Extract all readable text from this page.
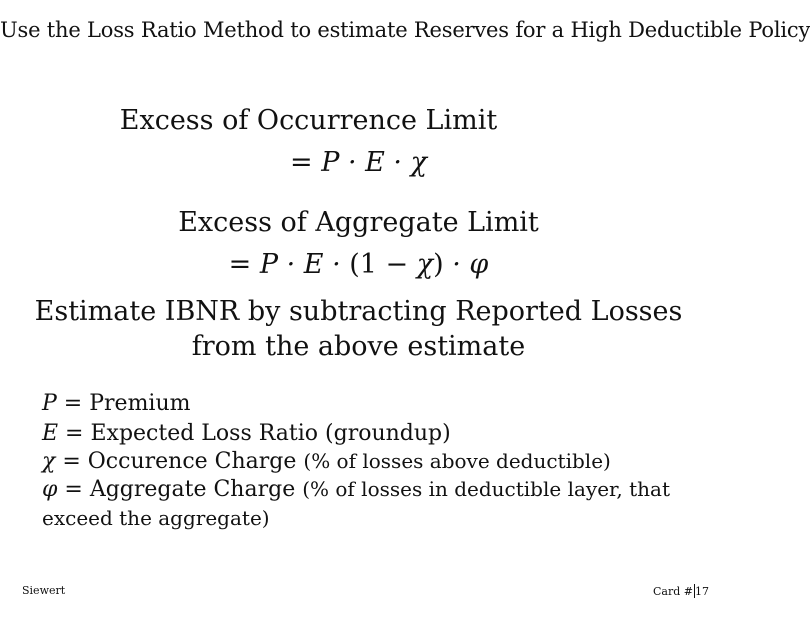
Use the Loss Ratio Method to estimate Reserves for a High Deductible Policy
Excess of Occurrence Limit
= P · E · χ
Excess of Aggregate Limit
= P · E · (1 − χ) · φ
Estimate IBNR by subtracting Reported Losses
from the above estimate
P = Premium
E = Expected Loss Ratio (groundup)
χ = Occurence Charge (% of losses above deductible)
φ = Aggregate Charge (% of losses in deductible layer, that
exceed the aggregate)
Siewert	Card # 17
